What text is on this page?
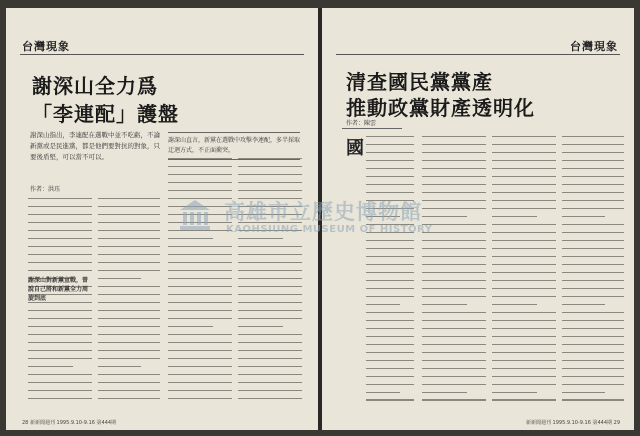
台灣現象
謝深山全力爲
「李連配」護盤
謝深山指出，李連配在選戰中並不吃虧，不論新黨或是民進黨，都是他們要對抗的對象，只要後盾堅，可以當不可以。
作者：洪珏
謝深山直言，新黨在選戰中攻擊李連配，多半採取迂迴方式，不正面衝突。
謝深山對新黨宣戰，曾說自己將和新黨全力周旋到底
28 新新聞週刊 1995.9.10-9.16 第444期
台灣現象
清查國民黨黨產
推動政黨財產透明化
作者：陳雲
國
新新聞週刊 1995.9.10-9.16 第444期 29
高雄市立歷史博物館
KAOHSIUNG MUSEUM OF HISTORY
